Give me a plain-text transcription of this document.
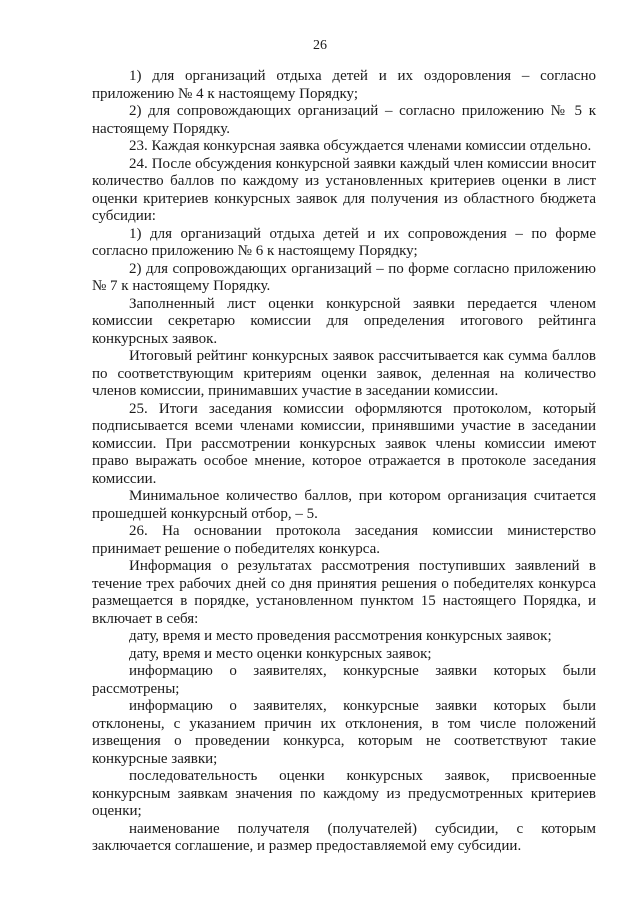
26

1) для организаций отдыха детей и их оздоровления – согласно приложению № 4 к настоящему Порядку;

2) для сопровождающих организаций – согласно приложению № 5 к настоящему Порядку.

23. Каждая конкурсная заявка обсуждается членами комиссии отдельно.

24. После обсуждения конкурсной заявки каждый член комиссии вносит количество баллов по каждому из установленных критериев оценки в лист оценки критериев конкурсных заявок для получения из областного бюджета субсидии:

1) для организаций отдыха детей и их сопровождения – по форме согласно приложению № 6 к настоящему Порядку;

2) для сопровождающих организаций – по форме согласно приложению № 7 к настоящему Порядку.

Заполненный лист оценки конкурсной заявки передается членом комиссии секретарю комиссии для определения итогового рейтинга конкурсных заявок.

Итоговый рейтинг конкурсных заявок рассчитывается как сумма баллов по соответствующим критериям оценки заявок, деленная на количество членов комиссии, принимавших участие в заседании комиссии.

25. Итоги заседания комиссии оформляются протоколом, который подписывается всеми членами комиссии, принявшими участие в заседании комиссии. При рассмотрении конкурсных заявок члены комиссии имеют право выражать особое мнение, которое отражается в протоколе заседания комиссии.

Минимальное количество баллов, при котором организация считается прошедшей конкурсный отбор, – 5.

26. На основании протокола заседания комиссии министерство принимает решение о победителях конкурса.

Информация о результатах рассмотрения поступивших заявлений в течение трех рабочих дней со дня принятия решения о победителях конкурса размещается в порядке, установленном пунктом 15 настоящего Порядка, и включает в себя:

дату, время и место проведения рассмотрения конкурсных заявок;

дату, время и место оценки конкурсных заявок;

информацию о заявителях, конкурсные заявки которых были рассмотрены;

информацию о заявителях, конкурсные заявки которых были отклонены, с указанием причин их отклонения, в том числе положений извещения о проведении конкурса, которым не соответствуют такие конкурсные заявки;

последовательность оценки конкурсных заявок, присвоенные конкурсным заявкам значения по каждому из предусмотренных критериев оценки;

наименование получателя (получателей) субсидии, с которым заключается соглашение, и размер предоставляемой ему субсидии.
